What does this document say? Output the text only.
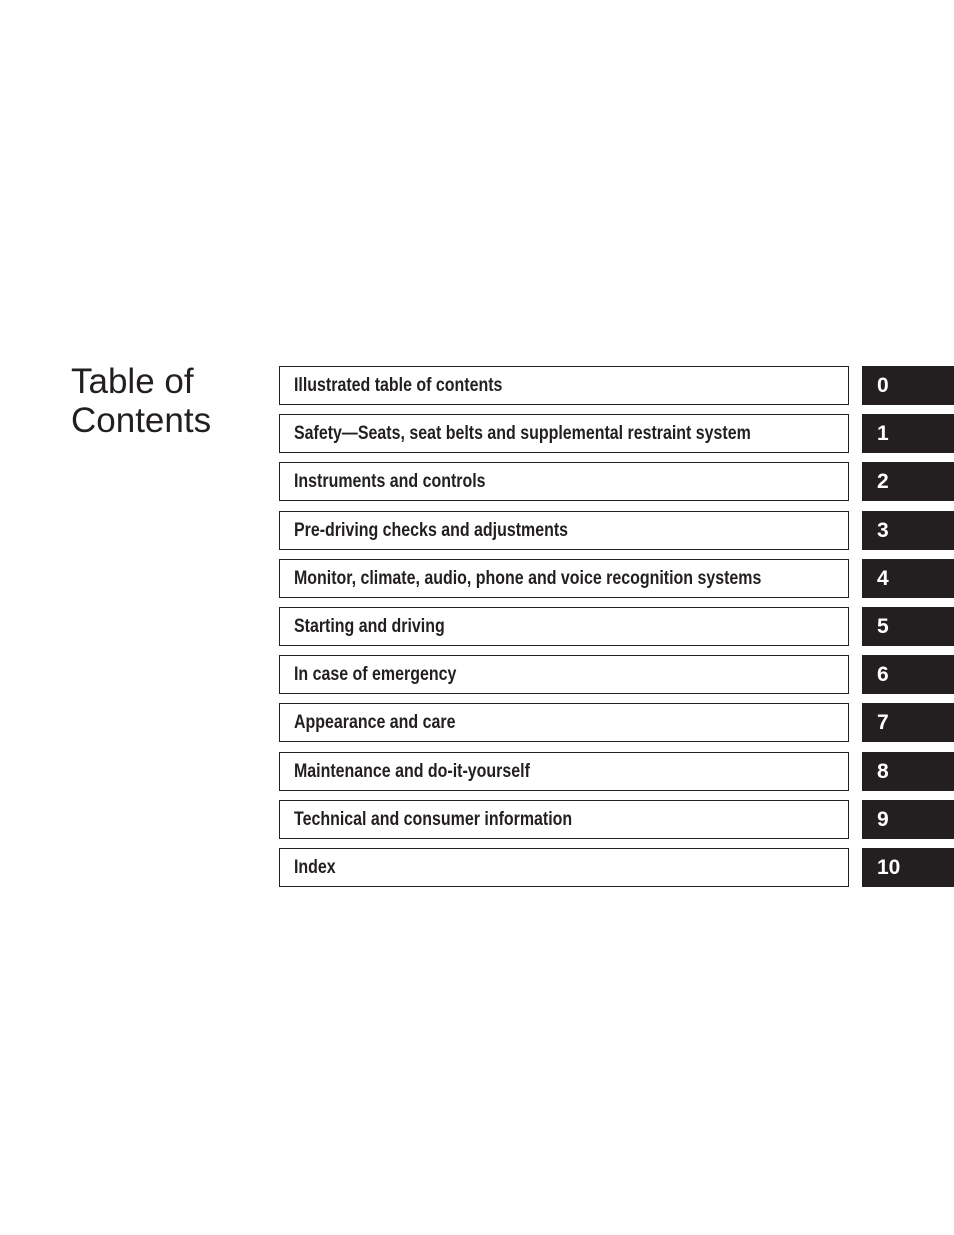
Table of
Contents
Illustrated table of contents	0
Safety—Seats, seat belts and supplemental restraint system	1
Instruments and controls	2
Pre-driving checks and adjustments	3
Monitor, climate, audio, phone and voice recognition systems	4
Starting and driving	5
In case of emergency	6
Appearance and care	7
Maintenance and do-it-yourself	8
Technical and consumer information	9
Index	10
